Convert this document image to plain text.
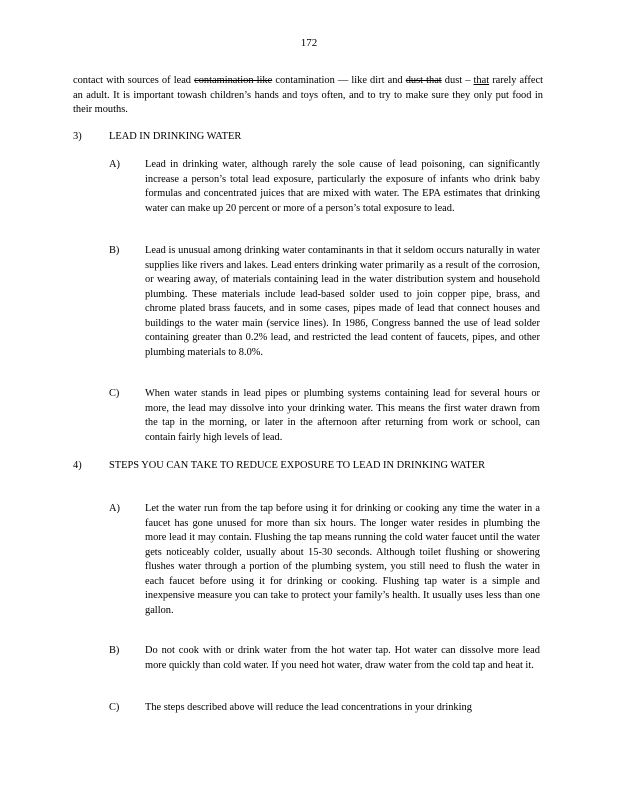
172
contact with sources of lead contamination like contamination — like dirt and dust that dust – that rarely affect an adult. It is important towash children’s hands and toys often, and to try to make sure they only put food in their mouths.
3)	LEAD IN DRINKING WATER
A) Lead in drinking water, although rarely the sole cause of lead poisoning, can significantly increase a person’s total lead exposure, particularly the exposure of infants who drink baby formulas and concentrated juices that are mixed with water. The EPA estimates that drinking water can make up 20 percent or more of a person’s total exposure to lead.
B) Lead is unusual among drinking water contaminants in that it seldom occurs naturally in water supplies like rivers and lakes. Lead enters drinking water primarily as a result of the corrosion, or wearing away, of materials containing lead in the water distribution system and household plumbing. These materials include lead-based solder used to join copper pipe, brass, and chrome plated brass faucets, and in some cases, pipes made of lead that connect houses and buildings to the water main (service lines). In 1986, Congress banned the use of lead solder containing greater than 0.2% lead, and restricted the lead content of faucets, pipes, and other plumbing materials to 8.0%.
C) When water stands in lead pipes or plumbing systems containing lead for several hours or more, the lead may dissolve into your drinking water. This means the first water drawn from the tap in the morning, or later in the afternoon after returning from work or school, can contain fairly high levels of lead.
4)	STEPS YOU CAN TAKE TO REDUCE EXPOSURE TO LEAD IN DRINKING WATER
A) Let the water run from the tap before using it for drinking or cooking any time the water in a faucet has gone unused for more than six hours. The longer water resides in plumbing the more lead it may contain. Flushing the tap means running the cold water faucet until the water gets noticeably colder, usually about 15-30 seconds. Although toilet flushing or showering flushes water through a portion of the plumbing system, you still need to flush the water in each faucet before using it for drinking or cooking. Flushing tap water is a simple and inexpensive measure you can take to protect your family’s health. It usually uses less than one gallon.
B) Do not cook with or drink water from the hot water tap. Hot water can dissolve more lead more quickly than cold water. If you need hot water, draw water from the cold tap and heat it.
C) The steps described above will reduce the lead concentrations in your drinking
